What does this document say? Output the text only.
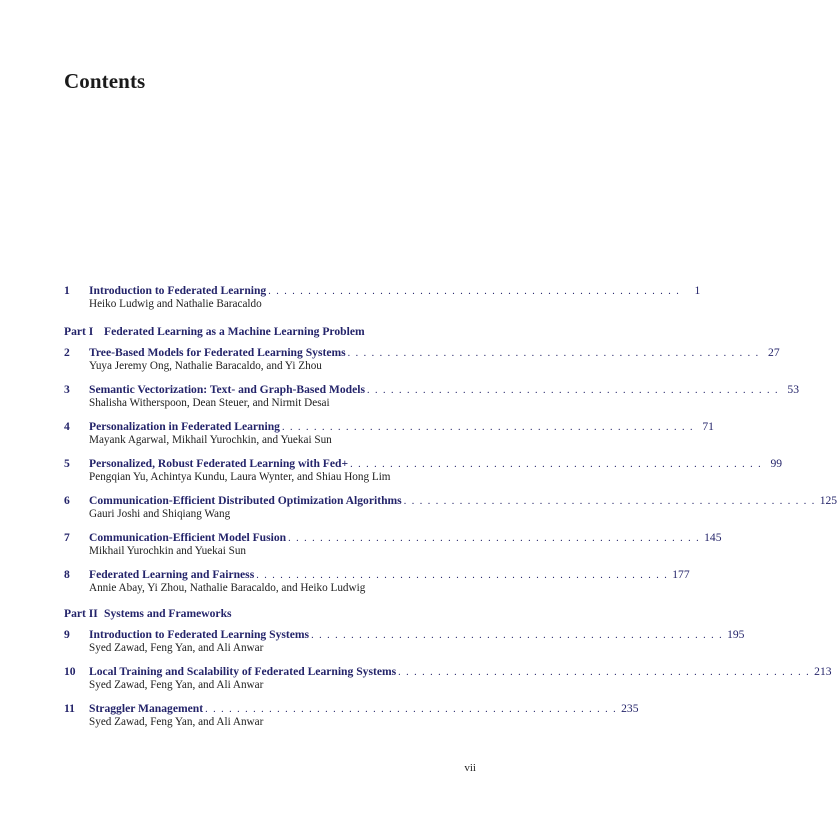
Contents
1	Introduction to Federated Learning . . . . . . . . . . . . . . . . . . . . . . . . . . . . . . . . . . . . . . . . . . . . . . . . . . . .	1
Heiko Ludwig and Nathalie Baracaldo
Part I Federated Learning as a Machine Learning Problem
2	Tree-Based Models for Federated Learning Systems . . . . . . . . . . . . . . . . . . . . . . . . . . . . . . . . . . . . . . . . . . . . . . . . . . . . 27
Yuya Jeremy Ong, Nathalie Baracaldo, and Yi Zhou
3	Semantic Vectorization: Text- and Graph-Based Models . . . . . . . . . . . . . . . . . . . . . . . . . . . . . . . . . . . . . . . . . . . . . . . . . . . . 53
Shalisha Witherspoon, Dean Steuer, and Nirmit Desai
4	Personalization in Federated Learning . . . . . . . . . . . . . . . . . . . . . . . . . . . . . . . . . . . . . . . . . . . . . . . . . . . . 71
Mayank Agarwal, Mikhail Yurochkin, and Yuekai Sun
5	Personalized, Robust Federated Learning with Fed+ . . . . . . . . . . . . . . . . . . . . . . . . . . . . . . . . . . . . . . . . . . . . . . . . . . . . 99
Pengqian Yu, Achintya Kundu, Laura Wynter, and Shiau Hong Lim
6	Communication-Efficient Distributed Optimization Algorithms . . . . . . . . . . . . . . . . . . . . . . . . . . . . . . . . . . . . . . . . . . . . . . . . . . . . 125
Gauri Joshi and Shiqiang Wang
7	Communication-Efficient Model Fusion . . . . . . . . . . . . . . . . . . . . . . . . . . . . . . . . . . . . . . . . . . . . . . . . . . . . 145
Mikhail Yurochkin and Yuekai Sun
8	Federated Learning and Fairness . . . . . . . . . . . . . . . . . . . . . . . . . . . . . . . . . . . . . . . . . . . . . . . . . . . . 177
Annie Abay, Yi Zhou, Nathalie Baracaldo, and Heiko Ludwig
Part II Systems and Frameworks
9	Introduction to Federated Learning Systems . . . . . . . . . . . . . . . . . . . . . . . . . . . . . . . . . . . . . . . . . . . . . . . . . . . . 195
Syed Zawad, Feng Yan, and Ali Anwar
10	Local Training and Scalability of Federated Learning Systems . . . . . . . . . . . . . . . . . . . . . . . . . . . . . . . . . . . . . . . . . . . . . . . . . . . . 213
Syed Zawad, Feng Yan, and Ali Anwar
11	Straggler Management . . . . . . . . . . . . . . . . . . . . . . . . . . . . . . . . . . . . . . . . . . . . . . . . . . . . 235
Syed Zawad, Feng Yan, and Ali Anwar
vii
